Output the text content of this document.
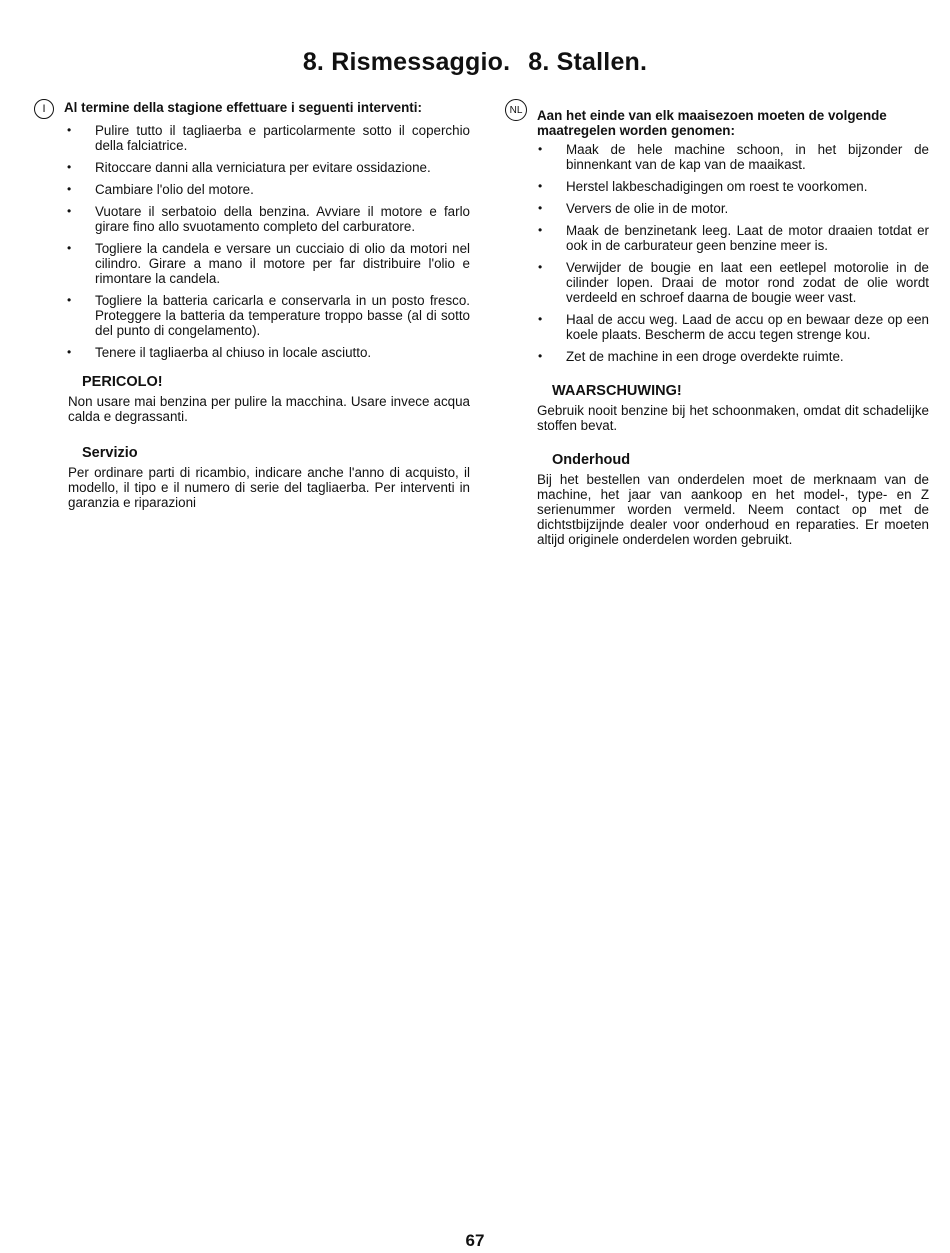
8. Rismessaggio. 8. Stallen.
I	Al termine della stagione effettuare i seguenti interventi:
• Pulire tutto il tagliaerba e particolarmente sotto il coperchio della falciatrice.
• Ritoccare danni alla verniciatura per evitare ossidazione.
• Cambiare l'olio del motore.
• Vuotare il serbatoio della benzina. Avviare il motore e farlo girare fino allo svuotamento completo del carburatore.
• Togliere la candela e versare un cucciaio di olio da motori nel cilindro. Girare a mano il motore per far distribuire l'olio e rimontare la candela.
• Togliere la batteria caricarla e conservarla in un posto fresco. Proteggere la batteria da temperature troppo basse (al di sotto del punto di congelamento).
• Tenere il tagliaerba al chiuso in locale asciutto.
PERICOLO!
Non usare mai benzina per pulire la macchina. Usare invece acqua calda e degrassanti.
Servizio
Per ordinare parti di ricambio, indicare anche l'anno di acquisto, il modello, il tipo e il numero di serie del tagliaerba. Per interventi in garanzia e riparazioni
NL	Aan het einde van elk maaisezoen moeten de volgende maatregelen worden genomen:
• Maak de hele machine schoon, in het bijzonder de binnenkant van de kap van de maaikast.
• Herstel lakbeschadigingen om roest te voorkomen.
• Ververs de olie in de motor.
• Maak de benzinetank leeg. Laat de motor draaien totdat er ook in de carburateur geen benzine meer is.
• Verwijder de bougie en laat een eetlepel motorolie in de cilinder lopen. Draai de motor rond zodat de olie wordt verdeeld en schroef daarna de bougie weer vast.
• Haal de accu weg. Laad de accu op en bewaar deze op een koele plaats. Bescherm de accu tegen strenge kou.
• Zet de machine in een droge overdekte ruimte.
WAARSCHUWING!
Gebruik nooit benzine bij het schoonmaken, omdat dit schadelijke stoffen bevat.
Onderhoud
Bij het bestellen van onderdelen moet de merknaam van de machine, het jaar van aankoop en het model-, type- en Z serienummer worden vermeld. Neem contact op met de dichtstbijzijnde dealer voor onderhoud en reparaties. Er moeten altijd originele onderdelen worden gebruikt.
67
